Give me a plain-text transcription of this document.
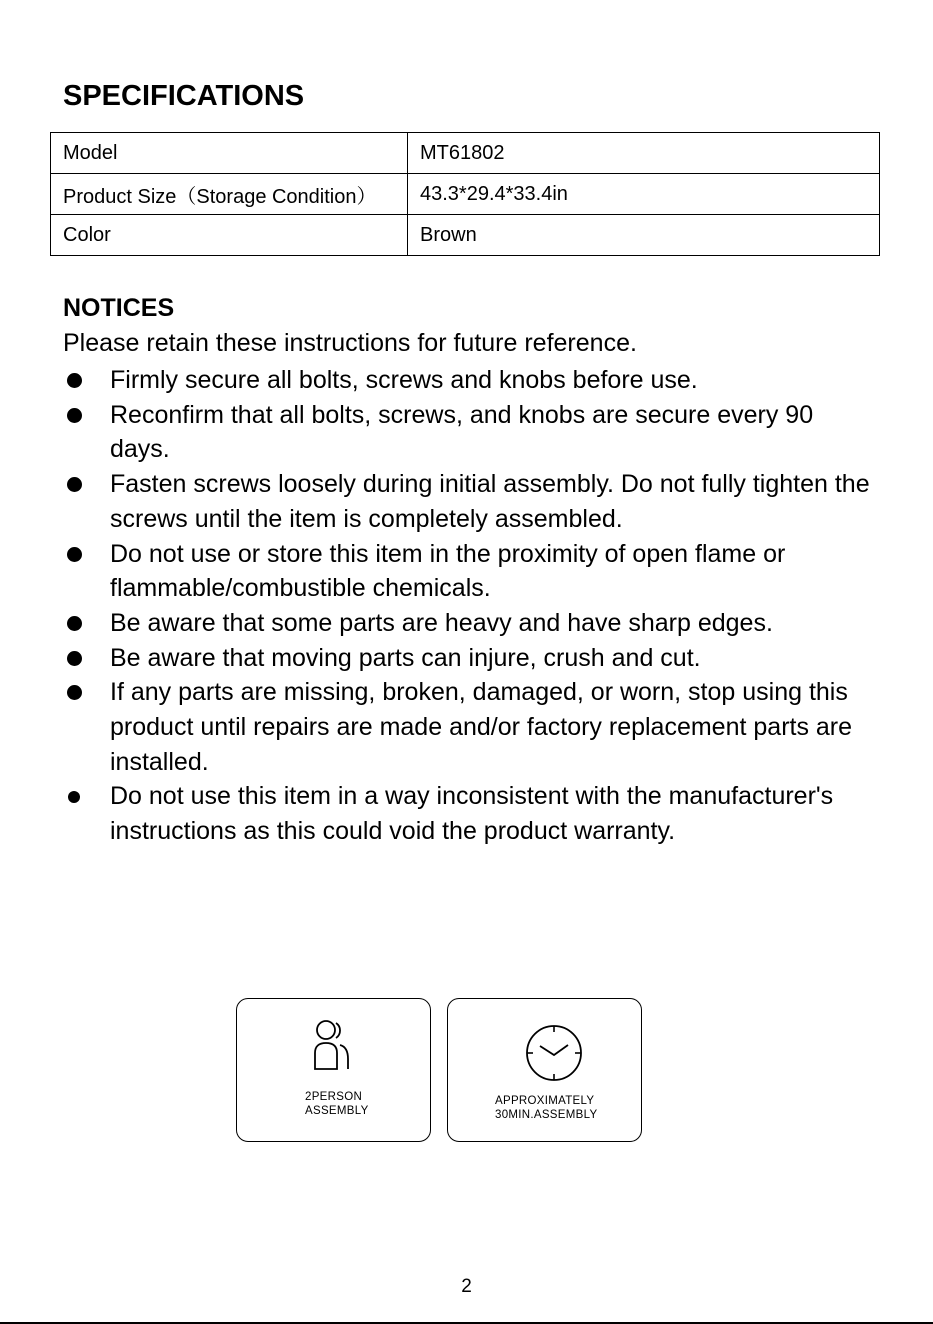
SPECIFICATIONS
Model	MT61802
Product Size（Storage Condition）	43.3*29.4*33.4in
Color	Brown
NOTICES

Please retain these instructions for future reference.

Firmly secure all bolts, screws and knobs before use.
Reconfirm that all bolts, screws, and knobs are secure every 90 days.
Fasten screws loosely during initial assembly. Do not fully tighten the screws until the item is completely assembled.
Do not use or store this item in the proximity of open flame or flammable/combustible chemicals.
Be aware that some parts are heavy and have sharp edges.
Be aware that moving parts can injure, crush and cut.
If any parts are missing, broken, damaged, or worn, stop using this product until repairs are made and/or factory replacement parts are installed.
Do not use this item in a way inconsistent with the manufacturer's instructions as this could void the product warranty.
2PERSON
ASSEMBLY
APPROXIMATELY
30MIN.ASSEMBLY
2
